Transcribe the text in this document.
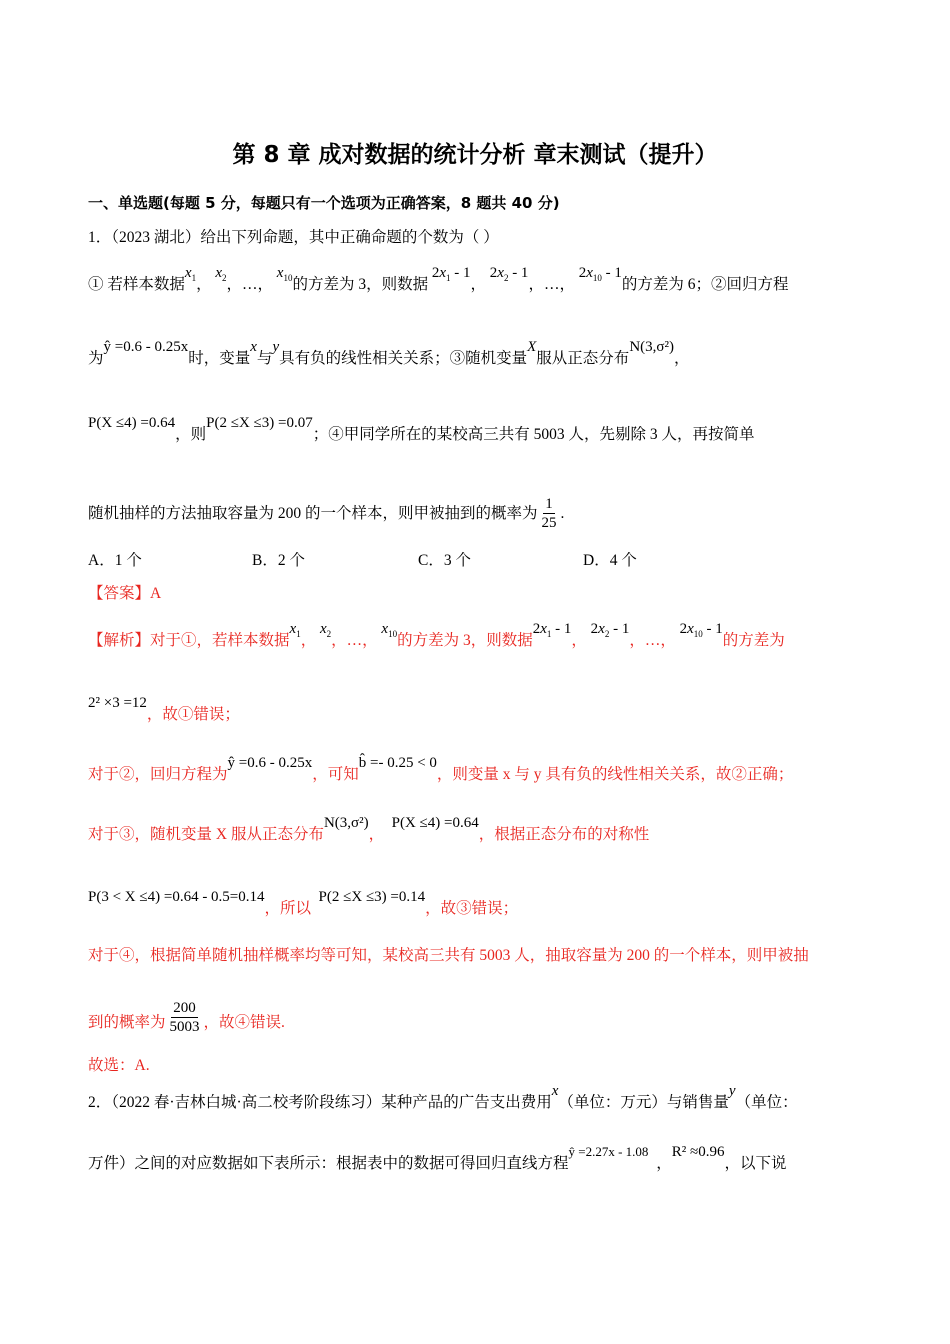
第 8 章 成对数据的统计分析 章末测试（提升）
一、单选题(每题 5 分，每题只有一个选项为正确答案，8 题共 40 分)
1．（2023 湖北）给出下列命题，其中正确命题的个数为（ ）
① 若样本数据$x_1$， $x_2$，…， $x_{10}$的方差为 3，则数据 $2x_1 - 1$， $2x_2 - 1$，…， $2x_{10} - 1$的方差为 6；②回归方程
为ŷ =0.6 - 0.25x时，变量x与y具有负的线性相关关系；③随机变量X服从正态分布N(3,σ²)，
P(X ≤4) =0.64，则P(2 ≤X ≤3) =0.07；④甲同学所在的某校高三共有 5003 人，先剔除 3 人，再按简单
随机抽样的方法抽取容量为 200 的一个样本，则甲被抽到的概率为 $\frac{1}{25}$ .
A．1 个	B．2 个	C．3 个	D．4 个
【答案】A
【解析】对于①，若样本数据$x_1$， $x_2$，…， $x_{10}$的方差为 3，则数据$2x_1 - 1$， $2x_2 - 1$，…， $2x_{10} - 1$的方差为
2² ×3 =12，故①错误；
对于②，回归方程为ŷ =0.6 - 0.25x，可知b̂ =- 0.25 < 0，则变量 x 与 y 具有负的线性相关关系，故②正确；
对于③，随机变量 X 服从正态分布N(3,σ²)，  P(X ≤4) =0.64，根据正态分布的对称性
P(3 < X ≤4) =0.64 - 0.5=0.14，所以  P(2 ≤X ≤3) =0.14，故③错误；
对于④，根据简单随机抽样概率均等可知，某校高三共有 5003 人，抽取容量为 200 的一个样本，则甲被抽
到的概率为 $\frac{200}{5003}$ ，故④错误.
故选：A.
2．（2022 春·吉林白城·高二校考阶段练习）某种产品的广告支出费用x（单位：万元）与销售量y（单位：
万件）之间的对应数据如下表所示：根据表中的数据可得回归直线方程ŷ =2.27x - 1.08  ，R² ≈0.96，以下说
